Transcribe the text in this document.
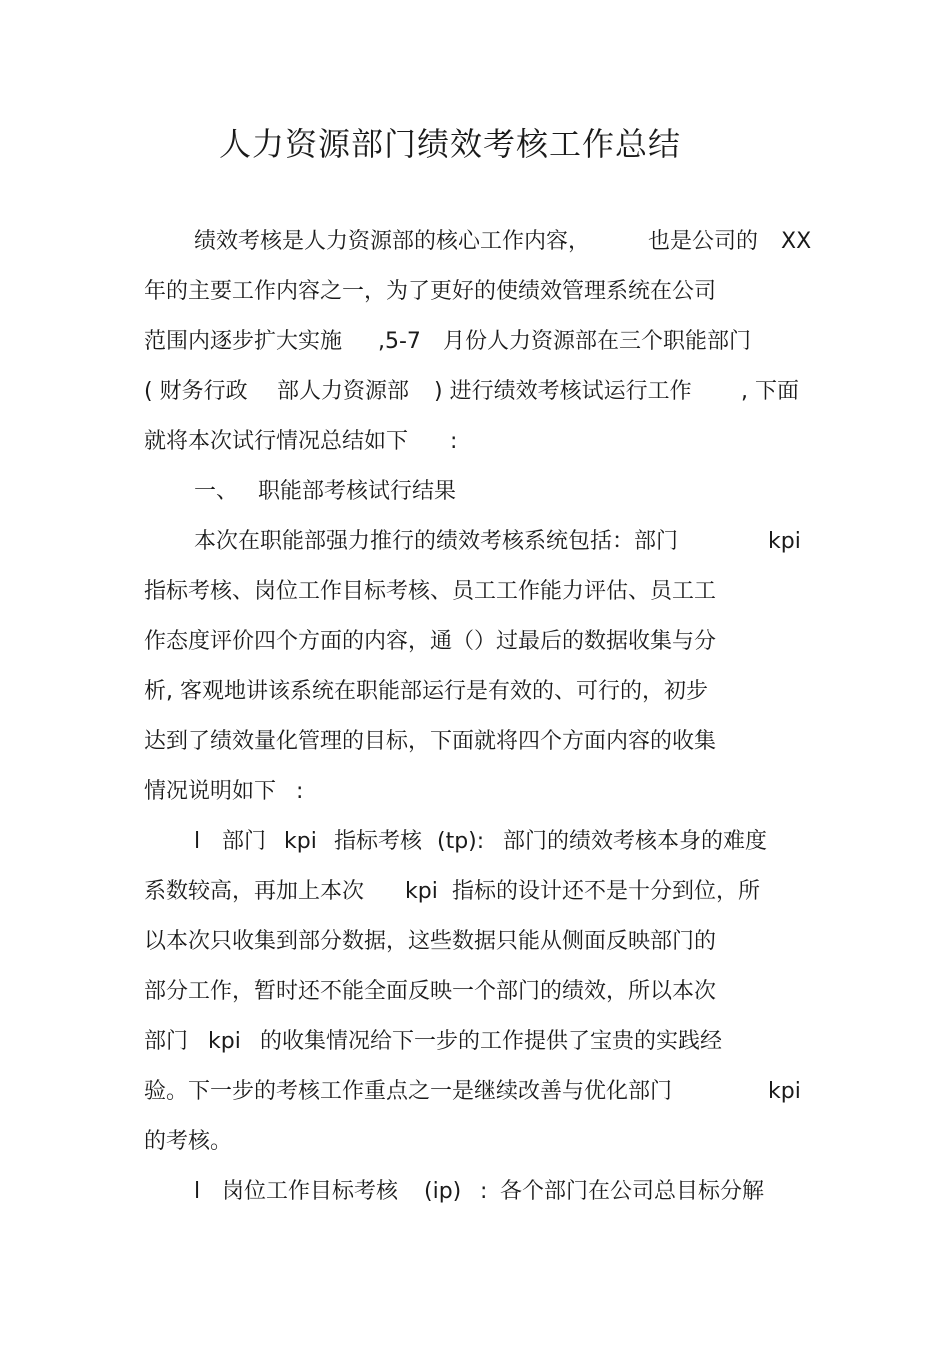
人力资源部门绩效考核工作总结
绩效考核是人力资源部的核心工作内容，	也是公司的 XX
年的主要工作内容之一，为了更好的使绩效管理系统在公司
范围内逐步扩大实施 ,5-7 月份人力资源部在三个职能部门
( 财务行政 部人力资源部 ) 进行绩效考核试运行工作 , 下面
就将本次试行情况总结如下 :
一、 职能部考核试行结果
本次在职能部强力推行的绩效考核系统包括：部门	kpi
指标考核、岗位工作目标考核、员工工作能力评估、员工工
作态度评价四个方面的内容，通（）过最后的数据收集与分
析, 客观地讲该系统在职能部运行是有效的、可行的，初步
达到了绩效量化管理的目标，下面就将四个方面内容的收集
情况说明如下 :
l 部门 kpi 指标考核 (tp): 部门的绩效考核本身的难度
系数较高，再加上本次 kpi 指标的设计还不是十分到位，所
以本次只收集到部分数据，这些数据只能从侧面反映部门的
部分工作，暂时还不能全面反映一个部门的绩效，所以本次
部门 kpi 的收集情况给下一步的工作提供了宝贵的实践经
验。下一步的考核工作重点之一是继续改善与优化部门	kpi
的考核。
l 岗位工作目标考核 (ip) : 各个部门在公司总目标分解
